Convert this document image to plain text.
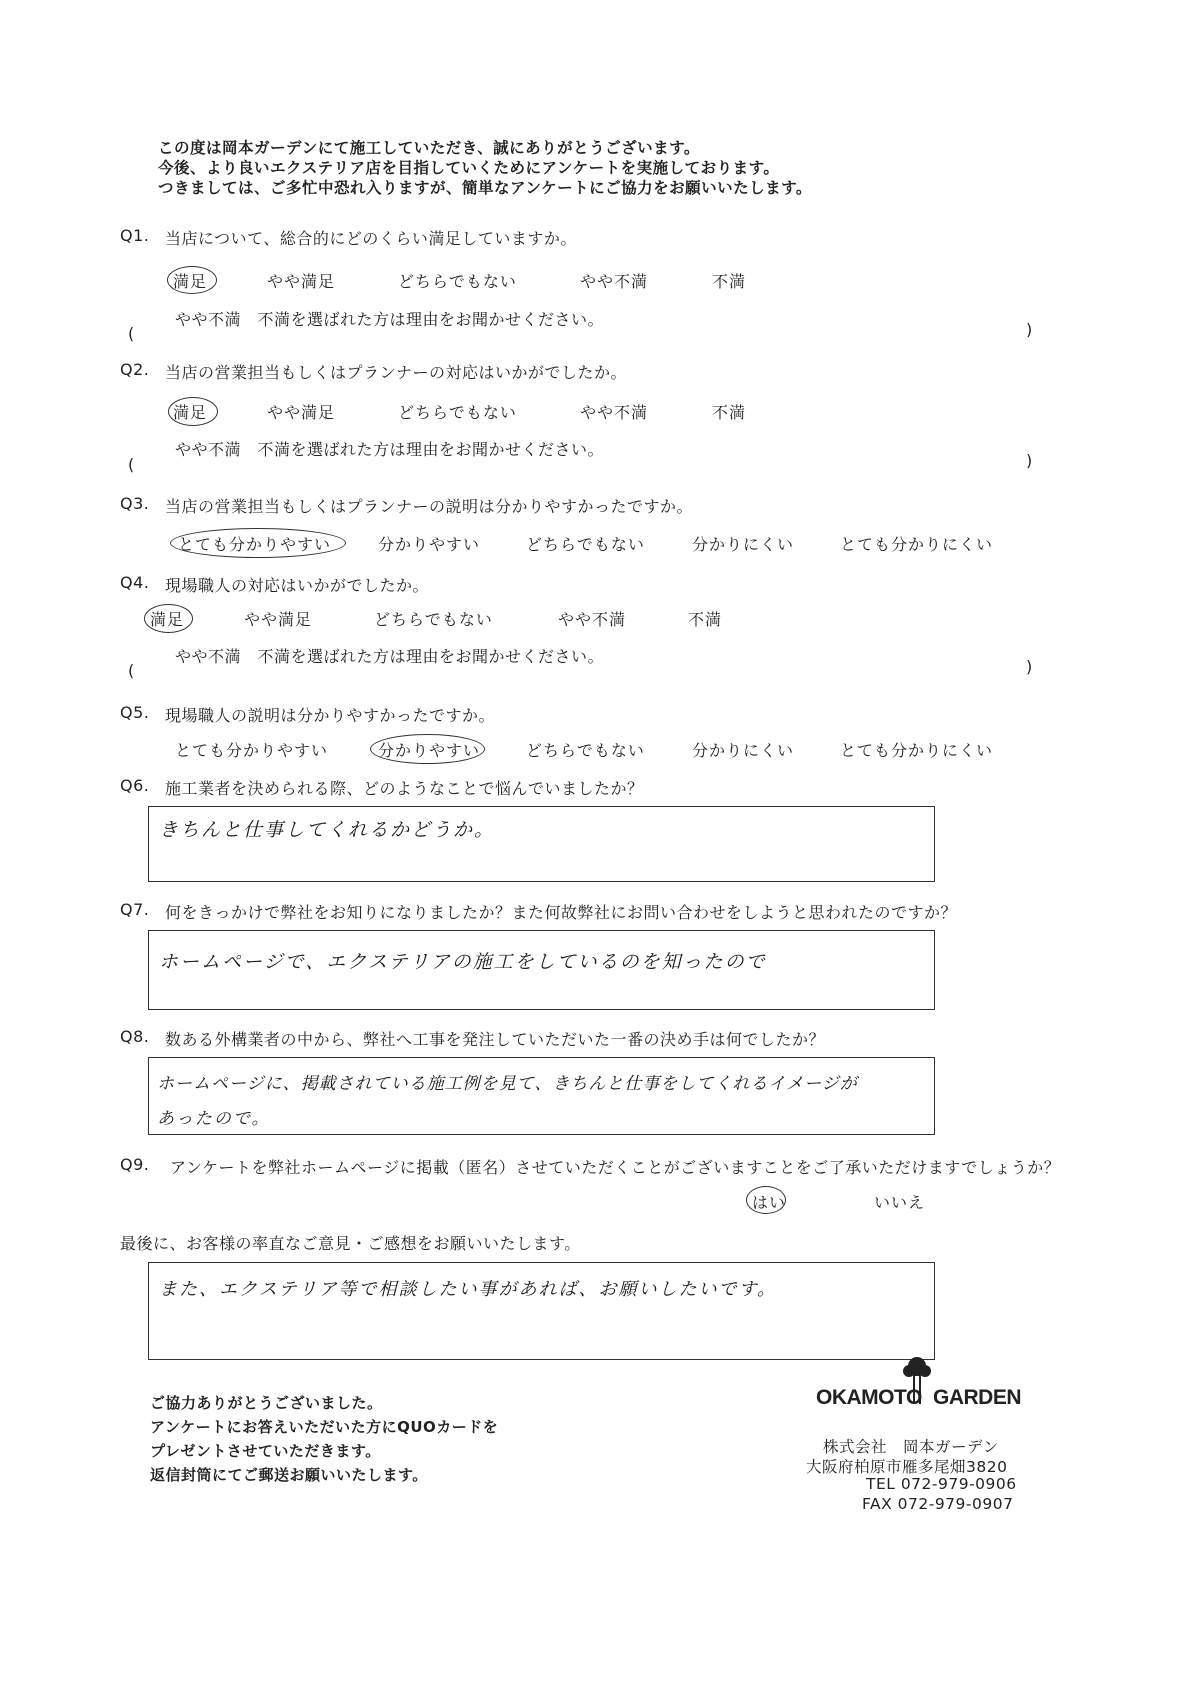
この度は岡本ガーデンにて施工していただき、誠にありがとうございます。
今後、より良いエクステリア店を目指していくためにアンケートを実施しております。
つきましては、ご多忙中恐れ入りますが、簡単なアンケートにご協力をお願いいたします。
Q1. 当店について、総合的にどのくらい満足していますか。
満足	やや満足	どちらでもない	やや不満	不満
やや不満　不満を選ばれた方は理由をお聞かせください。
(	)
Q2. 当店の営業担当もしくはプランナーの対応はいかがでしたか。
満足	やや満足	どちらでもない	やや不満	不満
やや不満　不満を選ばれた方は理由をお聞かせください。
(	)
Q3. 当店の営業担当もしくはプランナーの説明は分かりやすかったですか。
とても分かりやすい	分かりやすい	どちらでもない	分かりにくい	とても分かりにくい
Q4. 現場職人の対応はいかがでしたか。
満足	やや満足	どちらでもない	やや不満	不満
やや不満　不満を選ばれた方は理由をお聞かせください。
(	)
Q5. 現場職人の説明は分かりやすかったですか。
とても分かりやすい	分かりやすい	どちらでもない	分かりにくい	とても分かりにくい
Q6. 施工業者を決められる際、どのようなことで悩んでいましたか？
きちんと仕事してくれるかどうか。
Q7. 何をきっかけで弊社をお知りになりましたか？また何故弊社にお問い合わせをしようと思われたのですか？
ホームページで、エクステリアの施工をしているのを知ったので
Q8. 数ある外構業者の中から、弊社へ工事を発注していただいた一番の決め手は何でしたか？
ホームページに、掲載されている施工例を見て、きちんと仕事をしてくれるイメージが
あったので。
Q9. アンケートを弊社ホームページに掲載（匿名）させていただくことがございますことをご了承いただけますでしょうか？
はい	いいえ
最後に、お客様の率直なご意見・ご感想をお願いいたします。
また、エクステリア等で相談したい事があれば、お願いしたいです。
ご協力ありがとうございました。
アンケートにお答えいただいた方にQUOカードを
プレゼントさせていただきます。
返信封筒にてご郵送お願いいたします。
OKAMOTO GARDEN
株式会社　岡本ガーデン
大阪府柏原市雁多尾畑3820
TEL 072-979-0906
FAX 072-979-0907
